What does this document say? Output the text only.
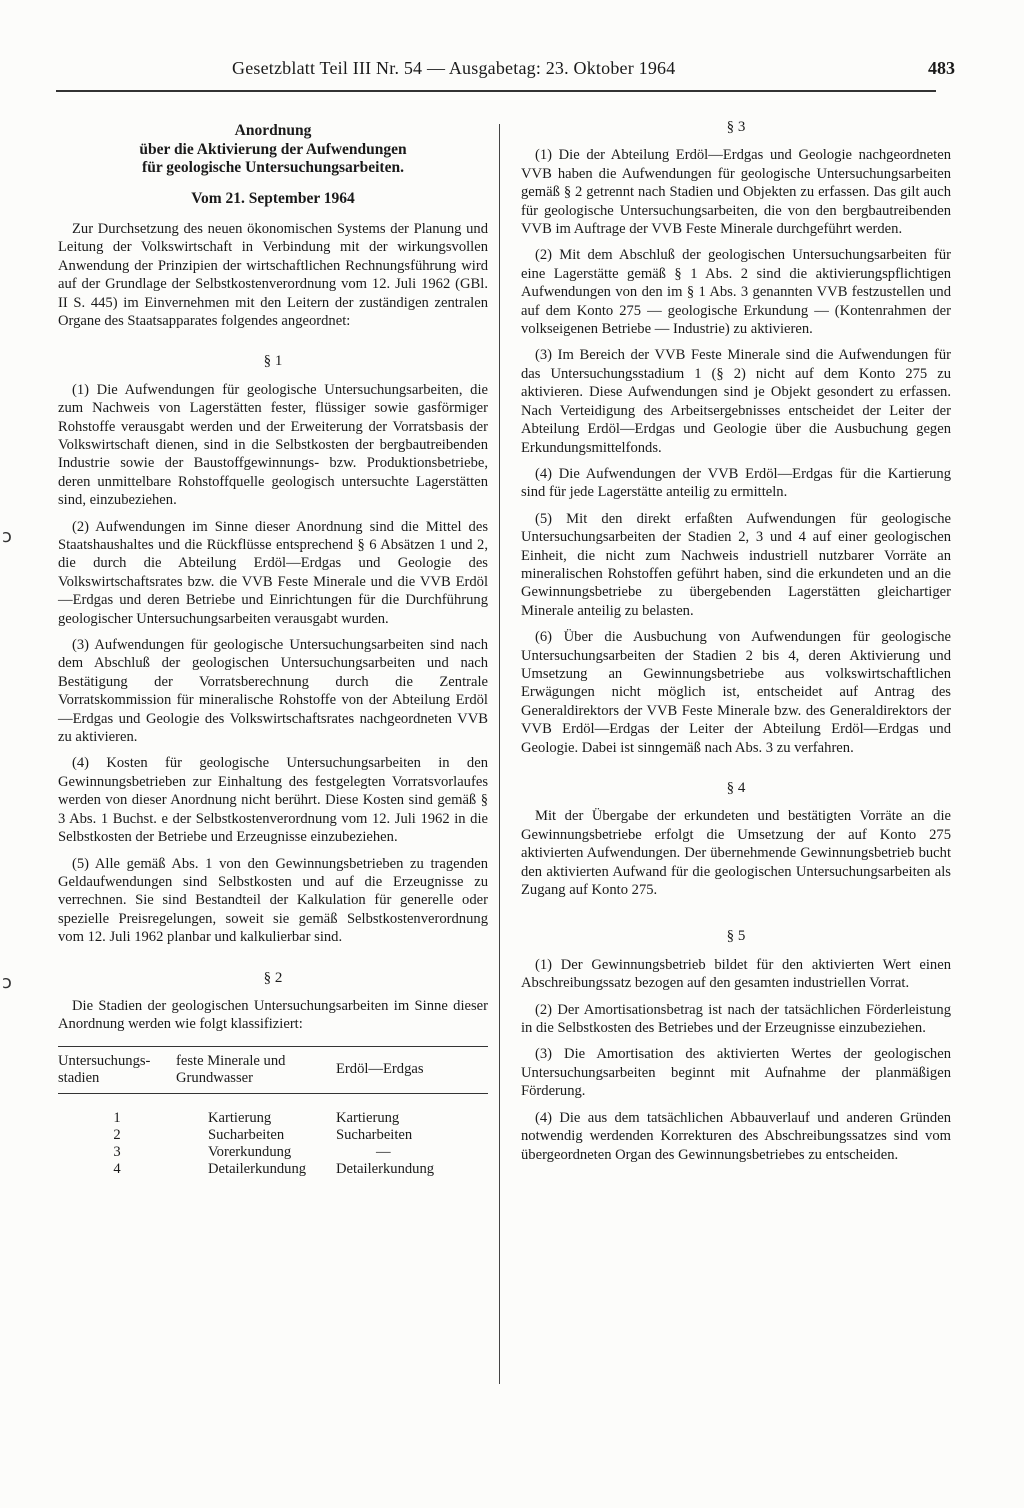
Gesetzblatt Teil III Nr. 54 — Ausgabetag: 23. Oktober 1964	483
ↄ
ↄ
Anordnung
über die Aktivierung der Aufwendungen
für geologische Untersuchungsarbeiten.
Vom 21. September 1964

Zur Durchsetzung des neuen ökonomischen Systems der Planung und Leitung der Volkswirtschaft in Verbindung mit der wirkungsvollen Anwendung der Prinzipien der wirtschaftlichen Rechnungsführung wird auf der Grundlage der Selbstkostenverordnung vom 12. Juli 1962 (GBl. II S. 445) im Einvernehmen mit den Leitern der zuständigen zentralen Organe des Staatsapparates folgendes angeordnet:

§ 1

(1) Die Aufwendungen für geologische Untersuchungsarbeiten, die zum Nachweis von Lagerstätten fester, flüssiger sowie gasförmiger Rohstoffe verausgabt werden und der Erweiterung der Vorratsbasis der Volkswirtschaft dienen, sind in die Selbstkosten der bergbautreibenden Industrie sowie der Baustoffgewinnungs- bzw. Produktionsbetriebe, deren unmittelbare Rohstoffquelle geologisch untersuchte Lagerstätten sind, einzubeziehen.

(2) Aufwendungen im Sinne dieser Anordnung sind die Mittel des Staatshaushaltes und die Rückflüsse entsprechend § 6 Absätzen 1 und 2, die durch die Abteilung Erdöl—Erdgas und Geologie des Volkswirtschaftsrates bzw. die VVB Feste Minerale und die VVB Erdöl—Erdgas und deren Betriebe und Einrichtungen für die Durchführung geologischer Untersuchungsarbeiten verausgabt wurden.

(3) Aufwendungen für geologische Untersuchungsarbeiten sind nach dem Abschluß der geologischen Untersuchungsarbeiten und nach Bestätigung der Vorratsberechnung durch die Zentrale Vorratskommission für mineralische Rohstoffe von der Abteilung Erdöl—Erdgas und Geologie des Volkswirtschaftsrates nachgeordneten VVB zu aktivieren.

(4) Kosten für geologische Untersuchungsarbeiten in den Gewinnungsbetrieben zur Einhaltung des festgelegten Vorratsvorlaufes werden von dieser Anordnung nicht berührt. Diese Kosten sind gemäß § 3 Abs. 1 Buchst. e der Selbstkostenverordnung vom 12. Juli 1962 in die Selbstkosten der Betriebe und Erzeugnisse einzubeziehen.

(5) Alle gemäß Abs. 1 von den Gewinnungsbetrieben zu tragenden Geldaufwendungen sind Selbstkosten und auf die Erzeugnisse zu verrechnen. Sie sind Bestandteil der Kalkulation für generelle oder spezielle Preisregelungen, soweit sie gemäß Selbstkostenverordnung vom 12. Juli 1962 planbar und kalkulierbar sind.

§ 2

Die Stadien der geologischen Untersuchungsarbeiten im Sinne dieser Anordnung werden wie folgt klassifiziert:

Untersuchungs-stadien	feste Minerale und Grundwasser	Erdöl—Erdgas
1	Kartierung	Kartierung
2	Sucharbeiten	Sucharbeiten
3	Vorerkundung	—
4	Detailerkundung	Detailerkundung
§ 3

(1) Die der Abteilung Erdöl—Erdgas und Geologie nachgeordneten VVB haben die Aufwendungen für geologische Untersuchungsarbeiten gemäß § 2 getrennt nach Stadien und Objekten zu erfassen. Das gilt auch für geologische Untersuchungsarbeiten, die von den bergbautreibenden VVB im Auftrage der VVB Feste Minerale durchgeführt werden.

(2) Mit dem Abschluß der geologischen Untersuchungsarbeiten für eine Lagerstätte gemäß § 1 Abs. 2 sind die aktivierungspflichtigen Aufwendungen von den im § 1 Abs. 3 genannten VVB festzustellen und auf dem Konto 275 — geologische Erkundung — (Kontenrahmen der volkseigenen Betriebe — Industrie) zu aktivieren.

(3) Im Bereich der VVB Feste Minerale sind die Aufwendungen für das Untersuchungsstadium 1 (§ 2) nicht auf dem Konto 275 zu aktivieren. Diese Aufwendungen sind je Objekt gesondert zu erfassen. Nach Verteidigung des Arbeitsergebnisses entscheidet der Leiter der Abteilung Erdöl—Erdgas und Geologie über die Ausbuchung gegen Erkundungsmittelfonds.

(4) Die Aufwendungen der VVB Erdöl—Erdgas für die Kartierung sind für jede Lagerstätte anteilig zu ermitteln.

(5) Mit den direkt erfaßten Aufwendungen für geologische Untersuchungsarbeiten der Stadien 2, 3 und 4 auf einer geologischen Einheit, die nicht zum Nachweis industriell nutzbarer Vorräte an mineralischen Rohstoffen geführt haben, sind die erkundeten und an die Gewinnungsbetriebe zu übergebenden Lagerstätten gleichartiger Minerale anteilig zu belasten.

(6) Über die Ausbuchung von Aufwendungen für geologische Untersuchungsarbeiten der Stadien 2 bis 4, deren Aktivierung und Umsetzung an Gewinnungsbetriebe aus volkswirtschaftlichen Erwägungen nicht möglich ist, entscheidet auf Antrag des Generaldirektors der VVB Feste Minerale bzw. des Generaldirektors der VVB Erdöl—Erdgas der Leiter der Abteilung Erdöl—Erdgas und Geologie. Dabei ist sinngemäß nach Abs. 3 zu verfahren.

§ 4

Mit der Übergabe der erkundeten und bestätigten Vorräte an die Gewinnungsbetriebe erfolgt die Umsetzung der auf Konto 275 aktivierten Aufwendungen. Der übernehmende Gewinnungsbetrieb bucht den aktivierten Aufwand für die geologischen Untersuchungsarbeiten als Zugang auf Konto 275.

§ 5

(1) Der Gewinnungsbetrieb bildet für den aktivierten Wert einen Abschreibungssatz bezogen auf den gesamten industriellen Vorrat.

(2) Der Amortisationsbetrag ist nach der tatsächlichen Förderleistung in die Selbstkosten des Betriebes und der Erzeugnisse einzubeziehen.

(3) Die Amortisation des aktivierten Wertes der geologischen Untersuchungsarbeiten beginnt mit Aufnahme der planmäßigen Förderung.

(4) Die aus dem tatsächlichen Abbauverlauf und anderen Gründen notwendig werdenden Korrekturen des Abschreibungssatzes sind vom übergeordneten Organ des Gewinnungsbetriebes zu entscheiden.
